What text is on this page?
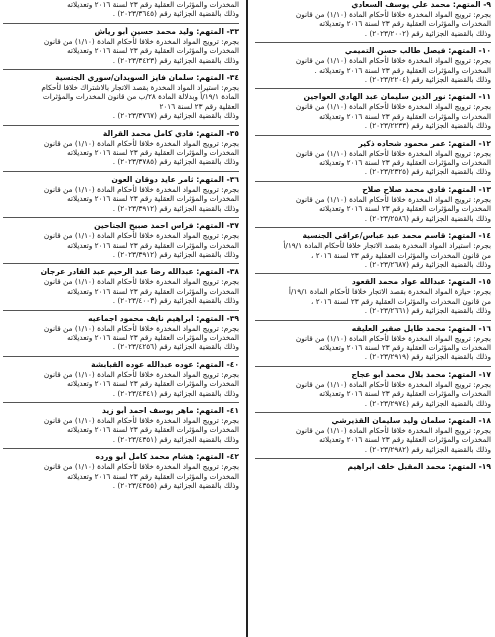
المخدرات والمؤثرات العقلية رقم ٢٣ لسنة ٢٠١٦ وتعديلاته
وذلك بالقضية الجزائية رقم (٢٠٢٣/٣٦٤٥) .
٣٣- المتهم: وليد محمد حسين أبو رياش
بجرم: ترويج المواد المخدرة خلافا لأحكام المادة (١/١٠) من قانون
المخدرات والمؤثرات العقلية رقم ٢٣ لسنة ٢٠١٦ وتعديلاته
وذلك بالقضية الجزائية رقم (٢٠٢٣/٣٤٢٣) .
٣٤- المتهم: سلمان فايز السويدان/سوري الجنسية
بجرم: استيراد المواد المخدرة بقصد الاتجار بالاشتراك خلافا لأحكام
المادة ١٩/١/أ وبدلالة المادة ٢٨/ب من قانون المخدرات والمؤثرات
العقلية رقم ٢٣ لسنة ٢٠١٦
وذلك بالقضية الجزائية رقم (٢٠٢٣/٣٧٦٧) .
٣٥- المتهم: فادي كامل محمد القرالة
بجرم: ترويج المواد المخدرة خلافا لأحكام المادة (١/١٠) من قانون
المخدرات والمؤثرات العقلية رقم ٢٣ لسنة ٢٠١٦ وتعديلاته
وذلك بالقضية الجزائية رقم (٢٠٢٣/٣٧٨٥) .
٣٦- المتهم: ثامر عايد دوقان العون
بجرم: ترويج المواد المخدرة خلافا لأحكام المادة (١/١٠) من قانون
المخدرات والمؤثرات العقلية رقم ٢٣ لسنة ٢٠١٦ وتعديلاته
وذلك بالقضية الجزائية رقم (٢٠٢٣/٣٩١٢) .
٣٧- المتهم: فراس احمد صبيح الجناحين
بجرم: ترويج المواد المخدرة خلافا لأحكام المادة (١/١٠) من قانون
المخدرات والمؤثرات العقلية رقم ٢٣ لسنة ٢٠١٦ وتعديلاته
وذلك بالقضية الجزائية رقم (٢٠٢٣/٣٩١٢) .
٣٨- المتهم: عبدالله رضا عبد الرحيم عبد القادر عرجان
بجرم: ترويج المواد المخدرة خلافا لأحكام المادة (١/١٠) من قانون
المخدرات والمؤثرات العقلية رقم ٢٣ لسنة ٢٠١٦ وتعديلاته
وذلك بالقضية الجزائية رقم (٢٠٢٣/٤٠٠٣) .
٣٩- المتهم: ابراهيم نايف محمود اجماعيه
بجرم: ترويج المواد المخدرة خلافا لأحكام المادة (١/١٠) من قانون
المخدرات والمؤثرات العقلية رقم ٢٣ لسنة ٢٠١٦ وتعديلاته
وذلك بالقضية الجزائية رقم (٢٠٢٣/٤٢٥٦) .
٤٠- المتهم: عوده عبدالله عوده القبابشة
بجرم: ترويج المواد المخدرة خلافا لأحكام المادة (١/١٠) من قانون
المخدرات والمؤثرات العقلية رقم ٢٣ لسنة ٢٠١٦ وتعديلاته
وذلك بالقضية الجزائية رقم (٢٠٢٣/٤٣٤١) .
٤١- المتهم: ماهر يوسف احمد أبو زيد
بجرم: ترويج المواد المخدرة خلافا لأحكام المادة (١/١٠) من قانون
المخدرات والمؤثرات العقلية رقم ٢٣ لسنة ٢٠١٦ وتعديلاته
وذلك بالقضية الجزائية رقم (٢٠٢٣/٤٣٥١) .
٤٢- المتهم: هشام محمد كامل أبو ورده
بجرم: ترويج المواد المخدرة خلافا لأحكام المادة (١/١٠) من قانون
المخدرات والمؤثرات العقلية رقم ٢٣ لسنة ٢٠١٦ وتعديلاته
وذلك بالقضية الجزائية رقم (٢٠٢٣/٤٣٥٥) .
٩- المتهم: محمد علي يوسف السعادي
بجرم: ترويج المواد المخدرة خلافا لأحكام المادة (١/١٠) من قانون
المخدرات والمؤثرات العقلية رقم ٢٣ لسنة ٢٠١٦ وتعديلاته
وذلك بالقضية الجزائية رقم (٢٠٢٣/٢٠٠٢) .
١٠- المتهم: فيصل طالب حسن التميمي
بجرم: ترويج المواد المخدرة خلافا لأحكام المادة (١/١٠) من قانون
المخدرات والمؤثرات العقلية رقم ٢٣ لسنة ٢٠١٦ وتعديلاته .
وذلك بالقضية الجزائية رقم (٢٠٢٣/٢٢٠٤) .
١١- المتهم: نور الدين سليمان عبد الهادي العواجين
بجرم: ترويج المواد المخدرة خلافا لأحكام المادة (١/١٠) من قانون
المخدرات والمؤثرات العقلية رقم ٢٣ لسنة ٢٠١٦ وتعديلاته
وذلك بالقضية الجزائية رقم (٢٠٢٣/٢٢٣٣) .
١٢- المتهم: عمر محمود شحاده ذكير
بجرم: ترويج المواد المخدرة خلافا لأحكام المادة (١/١٠) من قانون
المخدرات والمؤثرات العقلية رقم ٢٣ لسنة ٢٠١٦ وتعديلاته
وذلك بالقضية الجزائية رقم (٢٠٢٣/٢٣٢٥) .
١٣- المتهم: فادي محمد صلاح صلاح
بجرم: ترويج المواد المخدرة خلافا لأحكام المادة (١/١٠) من قانون
المخدرات والمؤثرات العقلية رقم ٢٣ لسنة ٢٠١٦ وتعديلاته
وذلك بالقضية الجزائية رقم (٢٠٢٣/٢٥٨٦) .
١٤- المتهم: قاسم محمد عبد عباس/عراقي الجنسية
بجرم: استيراد المواد المخدرة بقصد الاتجار خلافا لأحكام المادة ١٩/١/أ
من قانون المخدرات والمؤثرات العقلية رقم ٢٣ لسنة ٢٠١٦ ،
وذلك بالقضية الجزائية رقم (٢٠٢٣/٢٦٨٧) .
١٥- المتهم: عبدالله عواد محمد القعود
بجرم: حيازة المواد المخدرة بقصد الاتجار خلافا لأحكام المادة ١٩/١/أ
من قانون المخدرات والمؤثرات العقلية رقم ٢٣ لسنة ٢٠١٦ ،
وذلك بالقضية الجزائية رقم (٢٠٢٣/٢٦٦١) .
١٦- المتهم: محمد طايل صقير العليقه
بجرم: ترويج المواد المخدرة خلافا لأحكام المادة (١/١٠) من قانون
المخدرات والمؤثرات العقلية رقم ٢٣ لسنة ٢٠١٦ وتعديلاته
وذلك بالقضية الجزائية رقم (٢٠٢٣/٢٩١٩) .
١٧- المتهم: محمد بلال محمد أبو عجاج
بجرم: ترويج المواد المخدرة خلافا لأحكام المادة (١/١٠) من قانون
المخدرات والمؤثرات العقلية رقم ٢٣ لسنة ٢٠١٦ وتعديلاته
وذلك بالقضية الجزائية رقم (٢٠٢٣/٢٩٧٤) .
١٨- المتهم: سلمان وليد سليمان القذيرشي
بجرم: ترويج المواد المخدرة خلافا لأحكام المادة (١/١٠) من قانون
المخدرات والمؤثرات العقلية رقم ٢٣ لسنة ٢٠١٦ وتعديلاته
وذلك بالقضية الجزائية رقم (٢٠٢٣/٢٩٨٢) .
١٩- المتهم: محمد المقبل خلف ابراهيم
